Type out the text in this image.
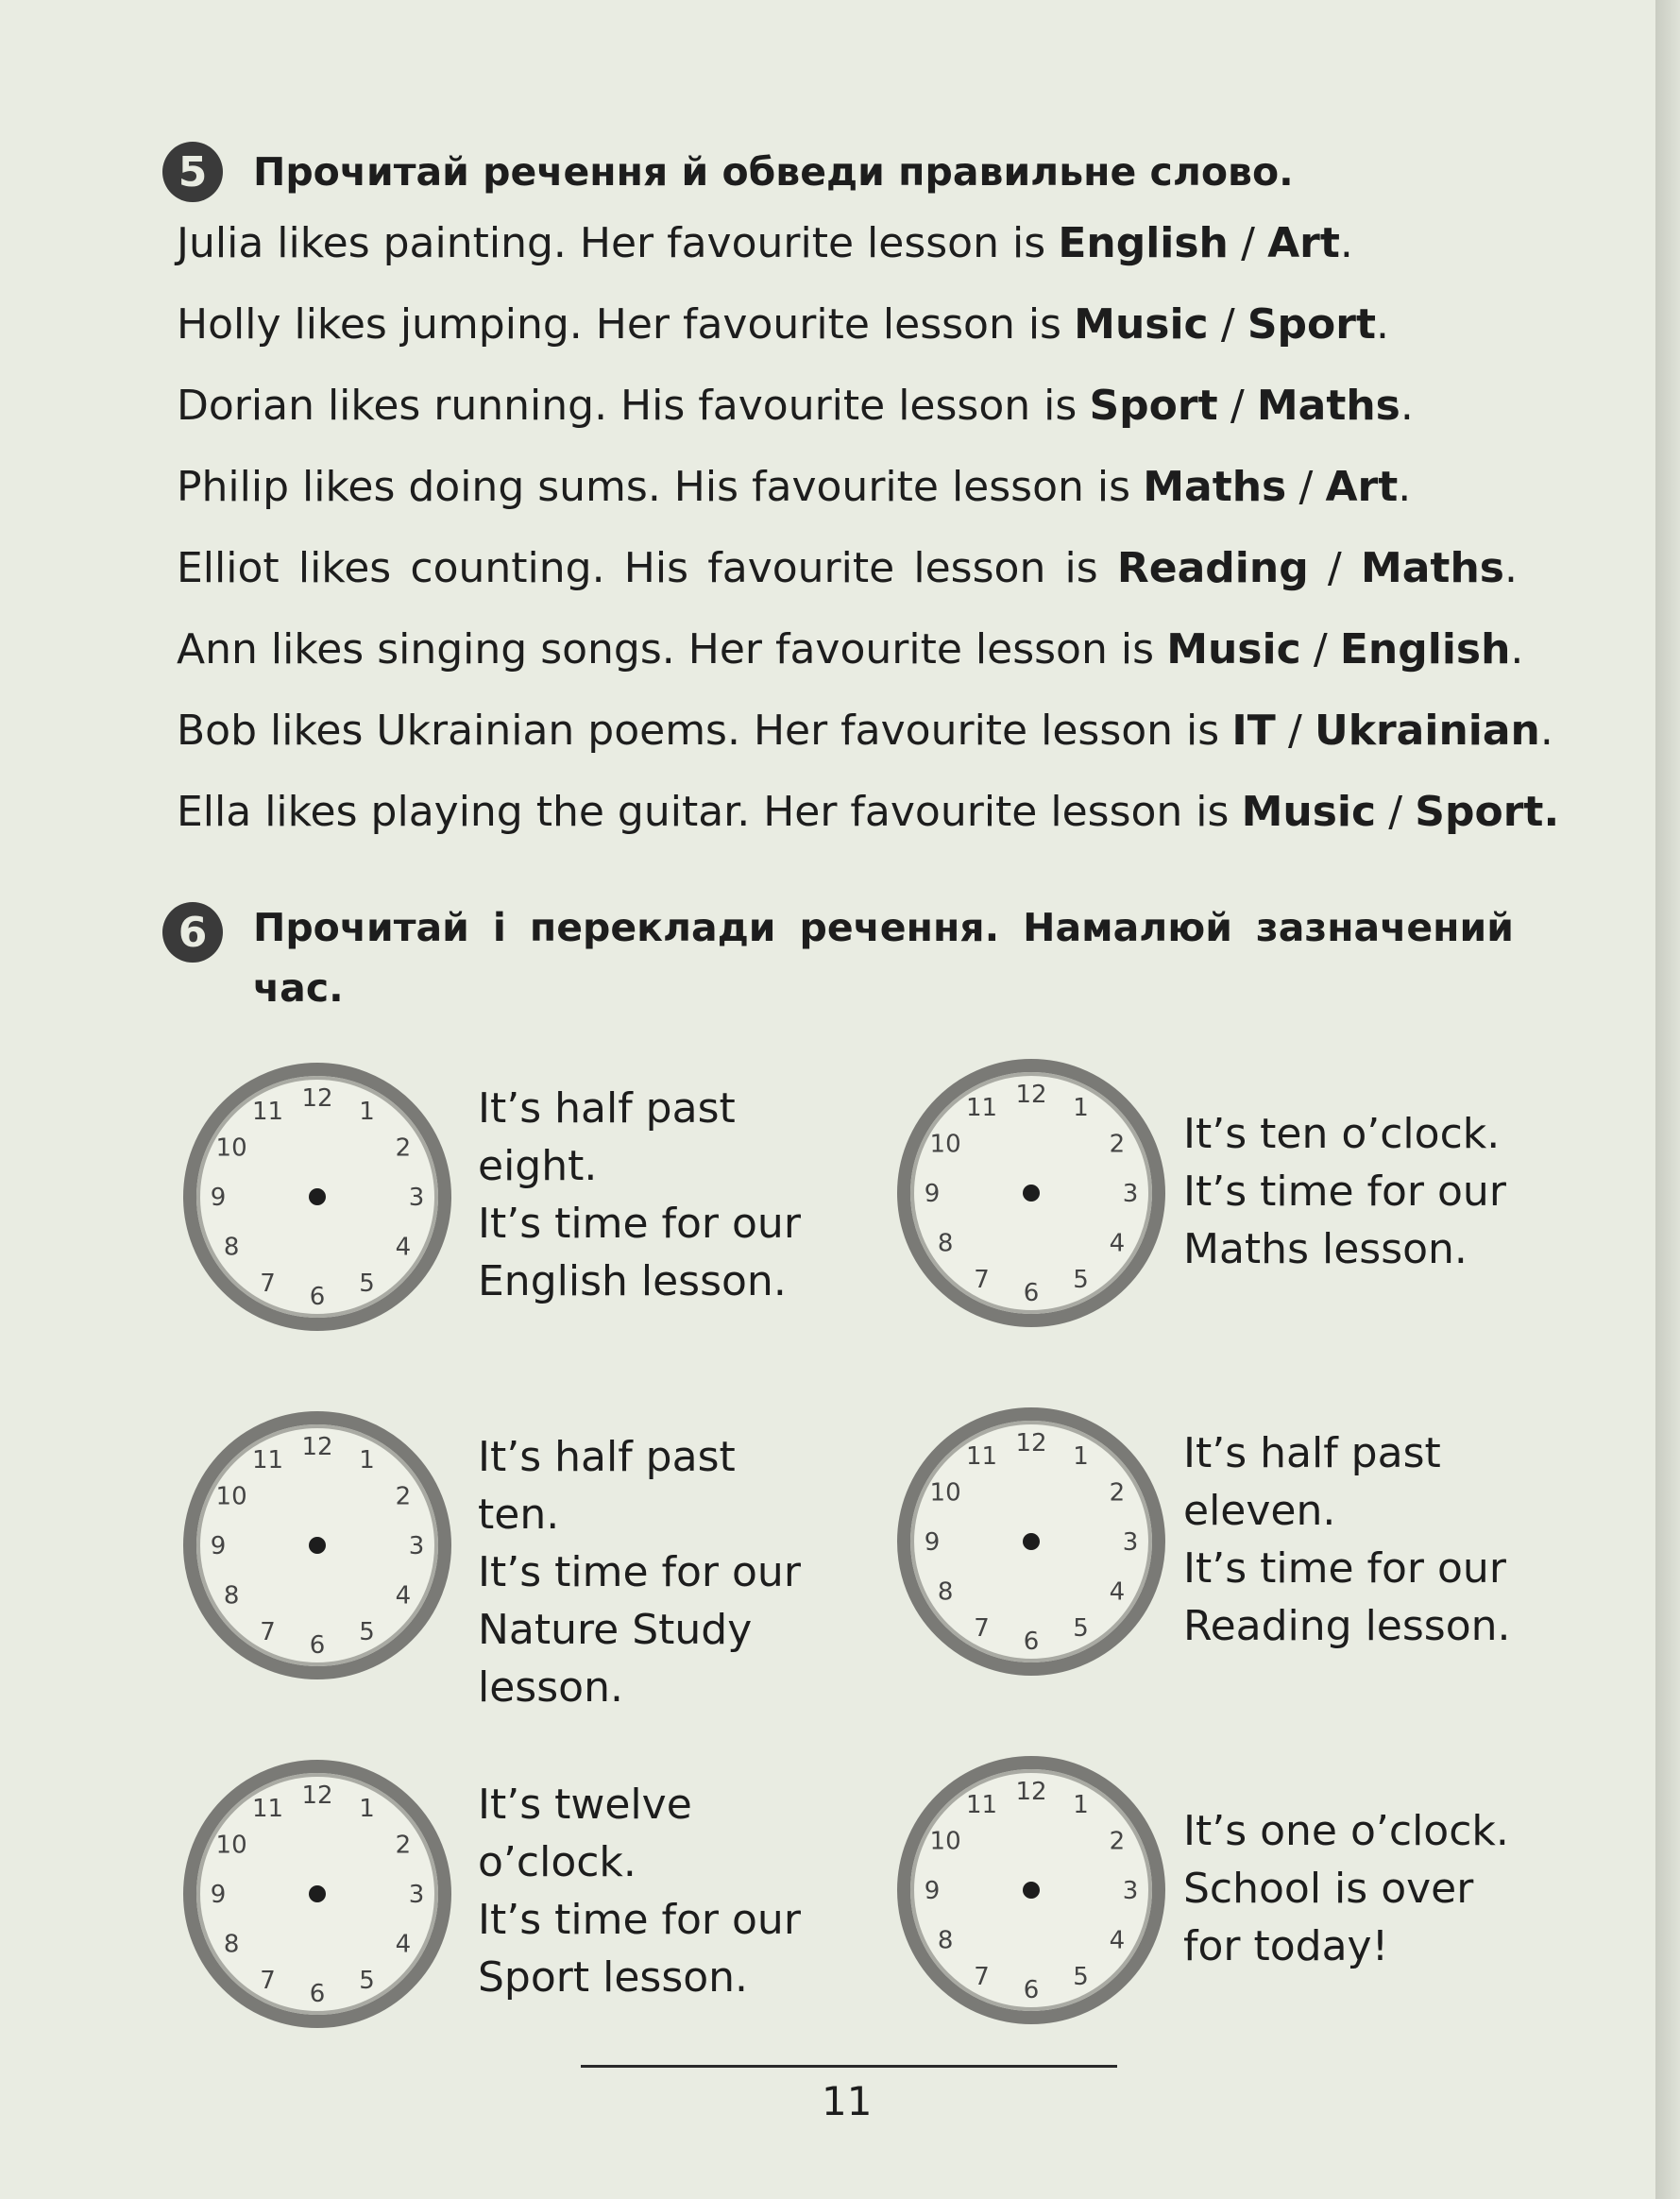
5	Прочитай речення й обведи правильне слово.
Julia likes painting. Her favourite lesson is English / Art .
Holly likes jumping. Her favourite lesson is Music / Sport .
Dorian likes running. His favourite lesson is Sport / Maths .
Philip likes doing sums. His favourite lesson is Maths / Art .
Elliot likes counting. His favourite lesson is Reading / Maths.
Ann likes singing songs. Her favourite lesson is Music / English .
Bob likes Ukrainian poems. Her favourite lesson is IT / Ukrainian .
Ella likes playing the guitar. Her favourite lesson is Music / Sport.
6	Прочитай і переклади речення. Намалюй зазначений
час.
12 1
2
3
4
5
6
7
8
9
10
11	It’s half past
eight.
It’s time for our
English lesson.
12 1
2
3
4
5
6
7
8
9
10
11
It’s ten o’clock.
It’s time for our
Maths lesson.
12 1
2
3
4
5
6
7
8
9
10
11	It’s half past ten.
It’s time for our
Nature Study
lesson.
12 1
2
3
4
5
6
7
8
9
10
11	It’s half past
eleven.
It’s time for our
Reading lesson.
12 1
2
3
4
5
6
7
8
9
10
11	It’s twelve
o’clock.
It’s time for our
Sport lesson.
12 1
2
3
4
5
6
7
8
9
10
11
It’s one o’clock.
School is over
for today!
11
